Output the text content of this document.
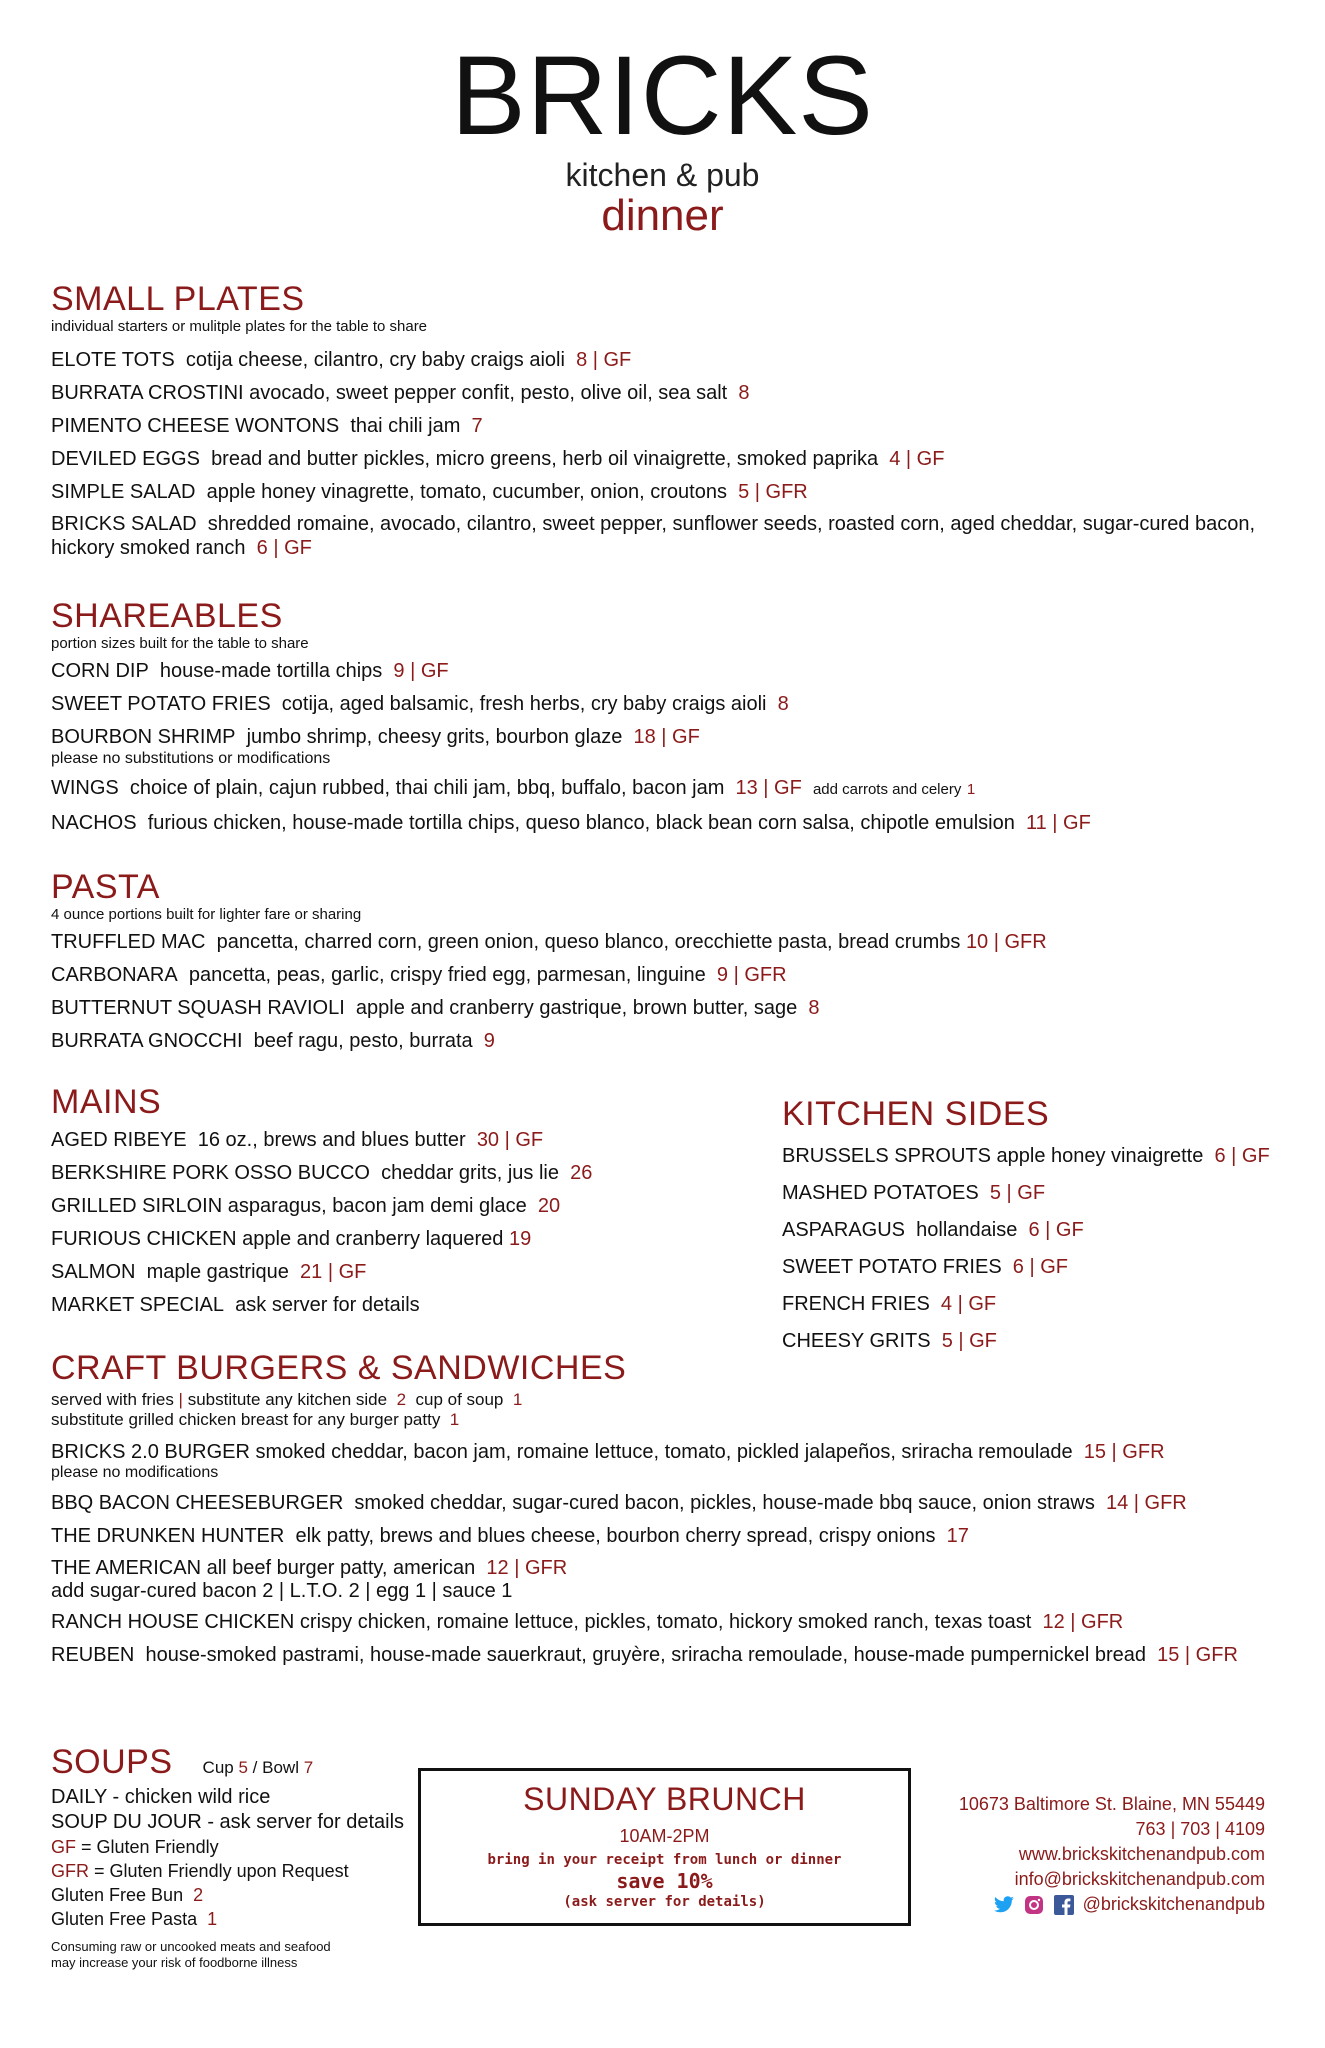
BRICKS
kitchen & pub
dinner
SMALL PLATES
individual starters or mulitple plates for the table to share
ELOTE TOTS cotija cheese, cilantro, cry baby craigs aioli 8 | GF
BURRATA CROSTINI avocado, sweet pepper confit, pesto, olive oil, sea salt 8
PIMENTO CHEESE WONTONS thai chili jam 7
DEVILED EGGS bread and butter pickles, micro greens, herb oil vinaigrette, smoked paprika 4 | GF
SIMPLE SALAD apple honey vinagrette, tomato, cucumber, onion, croutons 5 | GFR
BRICKS SALAD shredded romaine, avocado, cilantro, sweet pepper, sunflower seeds, roasted corn, aged cheddar, sugar-cured bacon, hickory smoked ranch 6 | GF
SHAREABLES
portion sizes built for the table to share
CORN DIP house-made tortilla chips 9 | GF
SWEET POTATO FRIES cotija, aged balsamic, fresh herbs, cry baby craigs aioli 8
BOURBON SHRIMP jumbo shrimp, cheesy grits, bourbon glaze 18 | GF
please no substitutions or modifications
WINGS choice of plain, cajun rubbed, thai chili jam, bbq, buffalo, bacon jam 13 | GF add carrots and celery 1
NACHOS furious chicken, house-made tortilla chips, queso blanco, black bean corn salsa, chipotle emulsion 11 | GF
PASTA
4 ounce portions built for lighter fare or sharing
TRUFFLED MAC pancetta, charred corn, green onion, queso blanco, orecchiette pasta, bread crumbs 10 | GFR
CARBONARA pancetta, peas, garlic, crispy fried egg, parmesan, linguine 9 | GFR
BUTTERNUT SQUASH RAVIOLI apple and cranberry gastrique, brown butter, sage 8
BURRATA GNOCCHI beef ragu, pesto, burrata 9
MAINS
AGED RIBEYE 16 oz., brews and blues butter 30 | GF
BERKSHIRE PORK OSSO BUCCO cheddar grits, jus lie 26
GRILLED SIRLOIN asparagus, bacon jam demi glace 20
FURIOUS CHICKEN apple and cranberry laquered 19
SALMON maple gastrique 21 | GF
MARKET SPECIAL ask server for details
KITCHEN SIDES
BRUSSELS SPROUTS apple honey vinaigrette 6 | GF
MASHED POTATOES 5 | GF
ASPARAGUS hollandaise 6 | GF
SWEET POTATO FRIES 6 | GF
FRENCH FRIES 4 | GF
CHEESY GRITS 5 | GF
CRAFT BURGERS & SANDWICHES
served with fries | substitute any kitchen side 2 cup of soup 1
substitute grilled chicken breast for any burger patty 1
BRICKS 2.0 BURGER smoked cheddar, bacon jam, romaine lettuce, tomato, pickled jalapeños, sriracha remoulade 15 | GFR
please no modifications
BBQ BACON CHEESEBURGER smoked cheddar, sugar-cured bacon, pickles, house-made bbq sauce, onion straws 14 | GFR
THE DRUNKEN HUNTER elk patty, brews and blues cheese, bourbon cherry spread, crispy onions 17
THE AMERICAN all beef burger patty, american 12 | GFR
add sugar-cured bacon 2 | L.T.O. 2 | egg 1 | sauce 1
RANCH HOUSE CHICKEN crispy chicken, romaine lettuce, pickles, tomato, hickory smoked ranch, texas toast 12 | GFR
REUBEN house-smoked pastrami, house-made sauerkraut, gruyère, sriracha remoulade, house-made pumpernickel bread 15 | GFR
SOUPS Cup 5 / Bowl 7
DAILY - chicken wild rice
SOUP DU JOUR - ask server for details
GF = Gluten Friendly
GFR = Gluten Friendly upon Request
Gluten Free Bun 2
Gluten Free Pasta 1
Consuming raw or uncooked meats and seafood
may increase your risk of foodborne illness
SUNDAY BRUNCH
10AM-2PM
bring in your receipt from lunch or dinner
save 10%
(ask server for details)
10673 Baltimore St. Blaine, MN 55449
763 | 703 | 4109
www.brickskitchenandpub.com
info@brickskitchenandpub.com
@brickskitchenandpub
